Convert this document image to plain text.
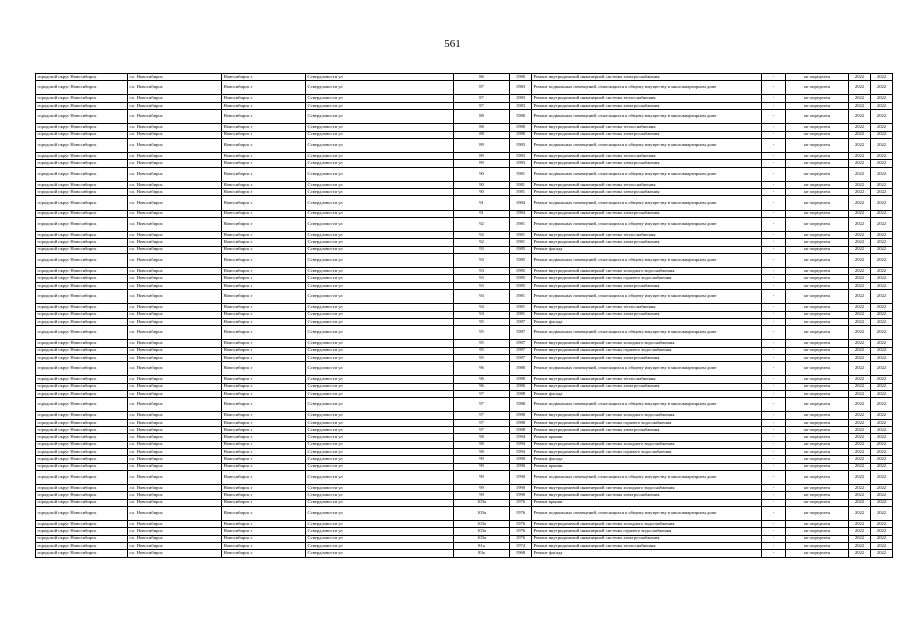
561
городской округ Новосибирск	г.о. Новосибирск	Новосибирск г	Ссвердловости ул	86	1980	Ремонт внутридомовой инженерной системы электроснабжения	-	не определен	2022	2022
городской округ Новосибирск	г.о. Новосибирск	Новосибирск г	Ссвердловости ул	87	1983	Ремонт подвальных помещений, относящихся к общему имуществу в многоквартирном доме	-	не определен	2022	2022
городской округ Новосибирск	г.о. Новосибирск	Новосибирск г	Ссвердловости ул	87	1983	Ремонт внутридомовой инженерной системы теплоснабжения	-	не определен	2022	2022
городской округ Новосибирск	г.о. Новосибирск	Новосибирск г	Ссвердловости ул	87	1983	Ремонт внутридомовой инженерной системы электроснабжения	-	не определен	2022	2022
городской округ Новосибирск	г.о. Новосибирск	Новосибирск г	Ссвердловости ул	88	1980	Ремонт подвальных помещений, относящихся к общему имуществу в многоквартирном доме	-	не определен	2022	2022
городской округ Новосибирск	г.о. Новосибирск	Новосибирск г	Ссвердловости ул	88	1980	Ремонт внутридомовой инженерной системы теплоснабжения	-	не определен	2022	2022
городской округ Новосибирск	г.о. Новосибирск	Новосибирск г	Ссвердловости ул	88	1980	Ремонт внутридомовой инженерной системы электроснабжения	-	не определен	2022	2022
городской округ Новосибирск	г.о. Новосибирск	Новосибирск г	Ссвердловости ул	89	1983	Ремонт подвальных помещений, относящихся к общему имуществу в многоквартирном доме	-	не определен	2022	2022
городской округ Новосибирск	г.о. Новосибирск	Новосибирск г	Ссвердловости ул	89	1983	Ремонт внутридомовой инженерной системы теплоснабжения	-	не определен	2022	2022
городской округ Новосибирск	г.о. Новосибирск	Новосибирск г	Ссвердловости ул	89	1983	Ремонт внутридомовой инженерной системы электроснабжения	-	не определен	2022	2022
городской округ Новосибирск	г.о. Новосибирск	Новосибирск г	Ссвердловости ул	90	1981	Ремонт подвальных помещений, относящихся к общему имуществу в многоквартирном доме	-	не определен	2022	2022
городской округ Новосибирск	г.о. Новосибирск	Новосибирск г	Ссвердловости ул	90	1981	Ремонт внутридомовой инженерной системы теплоснабжения	-	не определен	2022	2022
городской округ Новосибирск	г.о. Новосибирск	Новосибирск г	Ссвердловости ул	90	1981	Ремонт внутридомовой инженерной системы электроснабжения	-	не определен	2022	2022
городской округ Новосибирск	г.о. Новосибирск	Новосибирск г	Ссвердловости ул	91	1984	Ремонт подвальных помещений, относящихся к общему имуществу в многоквартирном доме	-	не определен	2022	2022
городской округ Новосибирск	г.о. Новосибирск	Новосибирск г	Ссвердловости ул	91	1984	Ремонт внутридомовой инженерной системы электроснабжения	-	не определен	2022	2022
городской округ Новосибирск	г.о. Новосибирск	Новосибирск г	Ссвердловости ул	92	1981	Ремонт подвальных помещений, относящихся к общему имуществу в многоквартирном доме	-	не определен	2022	2022
городской округ Новосибирск	г.о. Новосибирск	Новосибирск г	Ссвердловости ул	92	1981	Ремонт внутридомовой инженерной системы теплоснабжения	-	не определен	2022	2022
городской округ Новосибирск	г.о. Новосибирск	Новосибирск г	Ссвердловости ул	92	1981	Ремонт внутридомовой инженерной системы электроснабжения	-	не определен	2022	2022
городской округ Новосибирск	г.о. Новосибирск	Новосибирск г	Ссвердловости ул	93	1985	Ремонт фасада	-	не определен	2022	2022
городской округ Новосибирск	г.о. Новосибирск	Новосибирск г	Ссвердловости ул	93	1985	Ремонт подвальных помещений, относящихся к общему имуществу в многоквартирном доме	-	не определен	2022	2022
городской округ Новосибирск	г.о. Новосибирск	Новосибирск г	Ссвердловости ул	93	1985	Ремонт внутридомовой инженерной системы холодного водоснабжения	-	не определен	2022	2022
городской округ Новосибирск	г.о. Новосибирск	Новосибирск г	Ссвердловости ул	93	1985	Ремонт внутридомовой инженерной системы горячего водоснабжения	-	не определен	2022	2022
городской округ Новосибирск	г.о. Новосибирск	Новосибирск г	Ссвердловости ул	93	1985	Ремонт внутридомовой инженерной системы электроснабжения	-	не определен	2022	2022
городской округ Новосибирск	г.о. Новосибирск	Новосибирск г	Ссвердловости ул	94	1981	Ремонт подвальных помещений, относящихся к общему имуществу в многоквартирном доме	-	не определен	2022	2022
городской округ Новосибирск	г.о. Новосибирск	Новосибирск г	Ссвердловости ул	94	1981	Ремонт внутридомовой инженерной системы теплоснабжения	-	не определен	2022	2022
городской округ Новосибирск	г.о. Новосибирск	Новосибирск г	Ссвердловости ул	94	1981	Ремонт внутридомовой инженерной системы электроснабжения	-	не определен	2022	2022
городской округ Новосибирск	г.о. Новосибирск	Новосибирск г	Ссвердловости ул	95	1987	Ремонт фасада	-	не определен	2022	2022
городской округ Новосибирск	г.о. Новосибирск	Новосибирск г	Ссвердловости ул	95	1987	Ремонт подвальных помещений, относящихся к общему имуществу в многоквартирном доме	-	не определен	2022	2022
городской округ Новосибирск	г.о. Новосибирск	Новосибирск г	Ссвердловости ул	95	1987	Ремонт внутридомовой инженерной системы холодного водоснабжения	-	не определен	2022	2022
городской округ Новосибирск	г.о. Новосибирск	Новосибирск г	Ссвердловости ул	95	1987	Ремонт внутридомовой инженерной системы горячего водоснабжения	-	не определен	2022	2022
городской округ Новосибирск	г.о. Новосибирск	Новосибирск г	Ссвердловости ул	95	1987	Ремонт внутридомовой инженерной системы электроснабжения	-	не определен	2022	2022
городской округ Новосибирск	г.о. Новосибирск	Новосибирск г	Ссвердловости ул	96	1980	Ремонт подвальных помещений, относящихся к общему имуществу в многоквартирном доме	-	не определен	2022	2022
городской округ Новосибирск	г.о. Новосибирск	Новосибирск г	Ссвердловости ул	96	1980	Ремонт внутридомовой инженерной системы теплоснабжения	-	не определен	2022	2022
городской округ Новосибирск	г.о. Новосибирск	Новосибирск г	Ссвердловости ул	96	1980	Ремонт внутридомовой инженерной системы электроснабжения	-	не определен	2022	2022
городской округ Новосибирск	г.о. Новосибирск	Новосибирск г	Ссвердловости ул	97	1988	Ремонт фасада	-	не определен	2022	2022
городской округ Новосибирск	г.о. Новосибирск	Новосибирск г	Ссвердловости ул	97	1988	Ремонт подвальных помещений, относящихся к общему имуществу в многоквартирном доме	-	не определен	2022	2022
городской округ Новосибирск	г.о. Новосибирск	Новосибирск г	Ссвердловости ул	97	1988	Ремонт внутридомовой инженерной системы холодного водоснабжения	-	не определен	2022	2022
городской округ Новосибирск	г.о. Новосибирск	Новосибирск г	Ссвердловости ул	97	1988	Ремонт внутридомовой инженерной системы горячего водоснабжения	-	не определен	2022	2022
городской округ Новосибирск	г.о. Новосибирск	Новосибирск г	Ссвердловости ул	97	1988	Ремонт внутридомовой инженерной системы электроснабжения	-	не определен	2022	2022
городской округ Новосибирск	г.о. Новосибирск	Новосибирск г	Ссвердловости ул	98	1994	Ремонт крыши	-	не определен	2022	2022
городской округ Новосибирск	г.о. Новосибирск	Новосибирск г	Ссвердловости ул	98	1994	Ремонт внутридомовой инженерной системы холодного водоснабжения	-	не определен	2022	2022
городской округ Новосибирск	г.о. Новосибирск	Новосибирск г	Ссвердловости ул	98	1994	Ремонт внутридомовой инженерной системы горячего водоснабжения	-	не определен	2022	2022
городской округ Новосибирск	г.о. Новосибирск	Новосибирск г	Ссвердловости ул	99	1990	Ремонт фасада	-	не определен	2022	2022
городской округ Новосибирск	г.о. Новосибирск	Новосибирск г	Ссвердловости ул	99	1990	Ремонт крыши	-	не определен	2022	2022
городской округ Новосибирск	г.о. Новосибирск	Новосибирск г	Ссвердловости ул	99	1990	Ремонт подвальных помещений, относящихся к общему имуществу в многоквартирном доме	-	не определен	2022	2022
городской округ Новосибирск	г.о. Новосибирск	Новосибирск г	Ссвердловости ул	99	1990	Ремонт внутридомовой инженерной системы холодного водоснабжения	-	не определен	2022	2022
городской округ Новосибирск	г.о. Новосибирск	Новосибирск г	Ссвердловости ул	99	1990	Ремонт внутридомовой инженерной системы электроснабжения	-	не определен	2022	2022
городской округ Новосибирск	г.о. Новосибирск	Новосибирск г	Ссвердловости ул	103а	1976	Ремонт крыши	-	не определен	2022	2022
городской округ Новосибирск	г.о. Новосибирск	Новосибирск г	Ссвердловости ул	103а	1976	Ремонт подвальных помещений, относящихся к общему имуществу в многоквартирном доме	-	не определен	2022	2022
городской округ Новосибирск	г.о. Новосибирск	Новосибирск г	Ссвердловости ул	103а	1976	Ремонт внутридомовой инженерной системы холодного водоснабжения	-	не определен	2022	2022
городской округ Новосибирск	г.о. Новосибирск	Новосибирск г	Ссвердловости ул	103а	1976	Ремонт внутридомовой инженерной системы горячего водоснабжения	-	не определен	2022	2022
городской округ Новосибирск	г.о. Новосибирск	Новосибирск г	Ссвердловости ул	103а	1976	Ремонт внутридомовой инженерной системы электроснабжения	-	не определен	2022	2022
городской округ Новосибирск	г.о. Новосибирск	Новосибирск г	Ссвердловости ул	81а	1974	Ремонт внутридомовой инженерной системы теплоснабжения	-	не определен	2022	2022
городской округ Новосибирск	г.о. Новосибирск	Новосибирск г	Ссвердловости ул	83а	1968	Ремонт фасада	-	не определен	2022	2022
